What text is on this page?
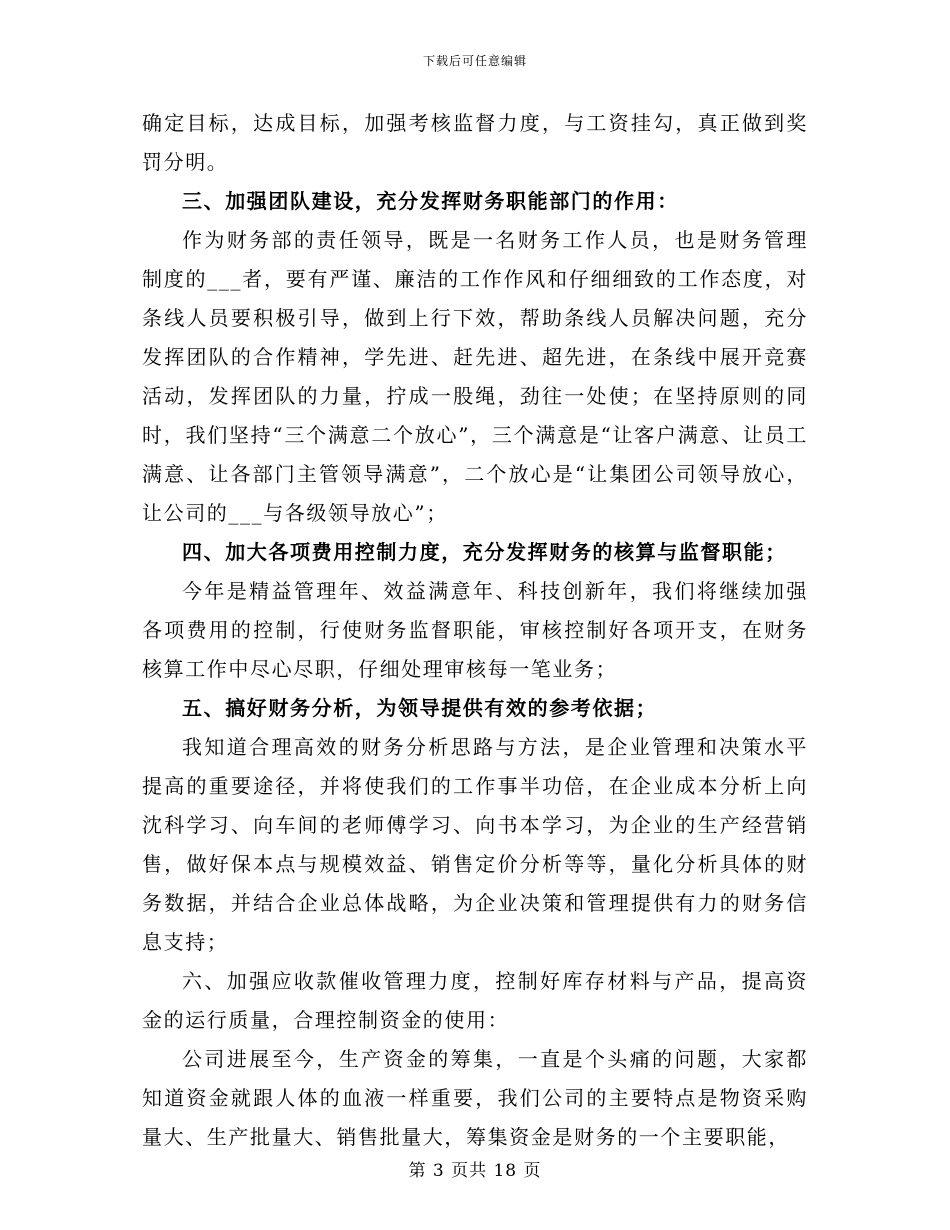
下载后可任意编辑

确定目标，达成目标，加强考核监督力度，与工资挂勾，真正做到奖罚分明。

三、加强团队建设，充分发挥财务职能部门的作用：

作为财务部的责任领导，既是一名财务工作人员，也是财务管理制度的___者，要有严谨、廉洁的工作作风和仔细细致的工作态度，对条线人员要积极引导，做到上行下效，帮助条线人员解决问题，充分发挥团队的合作精神，学先进、赶先进、超先进，在条线中展开竞赛活动，发挥团队的力量，拧成一股绳，劲往一处使；在坚持原则的同时，我们坚持“三个满意二个放心”，三个满意是“让客户满意、让员工满意、让各部门主管领导满意”，二个放心是“让集团公司领导放心，让公司的___与各级领导放心”；

四、加大各项费用控制力度，充分发挥财务的核算与监督职能；

今年是精益管理年、效益满意年、科技创新年，我们将继续加强各项费用的控制，行使财务监督职能，审核控制好各项开支，在财务核算工作中尽心尽职，仔细处理审核每一笔业务；

五、搞好财务分析，为领导提供有效的参考依据；

我知道合理高效的财务分析思路与方法，是企业管理和决策水平提高的重要途径，并将使我们的工作事半功倍，在企业成本分析上向沈科学习、向车间的老师傅学习、向书本学习，为企业的生产经营销售，做好保本点与规模效益、销售定价分析等等，量化分析具体的财务数据，并结合企业总体战略，为企业决策和管理提供有力的财务信息支持；

六、加强应收款催收管理力度，控制好库存材料与产品，提高资金的运行质量，合理控制资金的使用：

公司进展至今，生产资金的筹集，一直是个头痛的问题，大家都知道资金就跟人体的血液一样重要，我们公司的主要特点是物资采购量大、生产批量大、销售批量大，筹集资金是财务的一个主要职能，

第 3 页共 18 页
